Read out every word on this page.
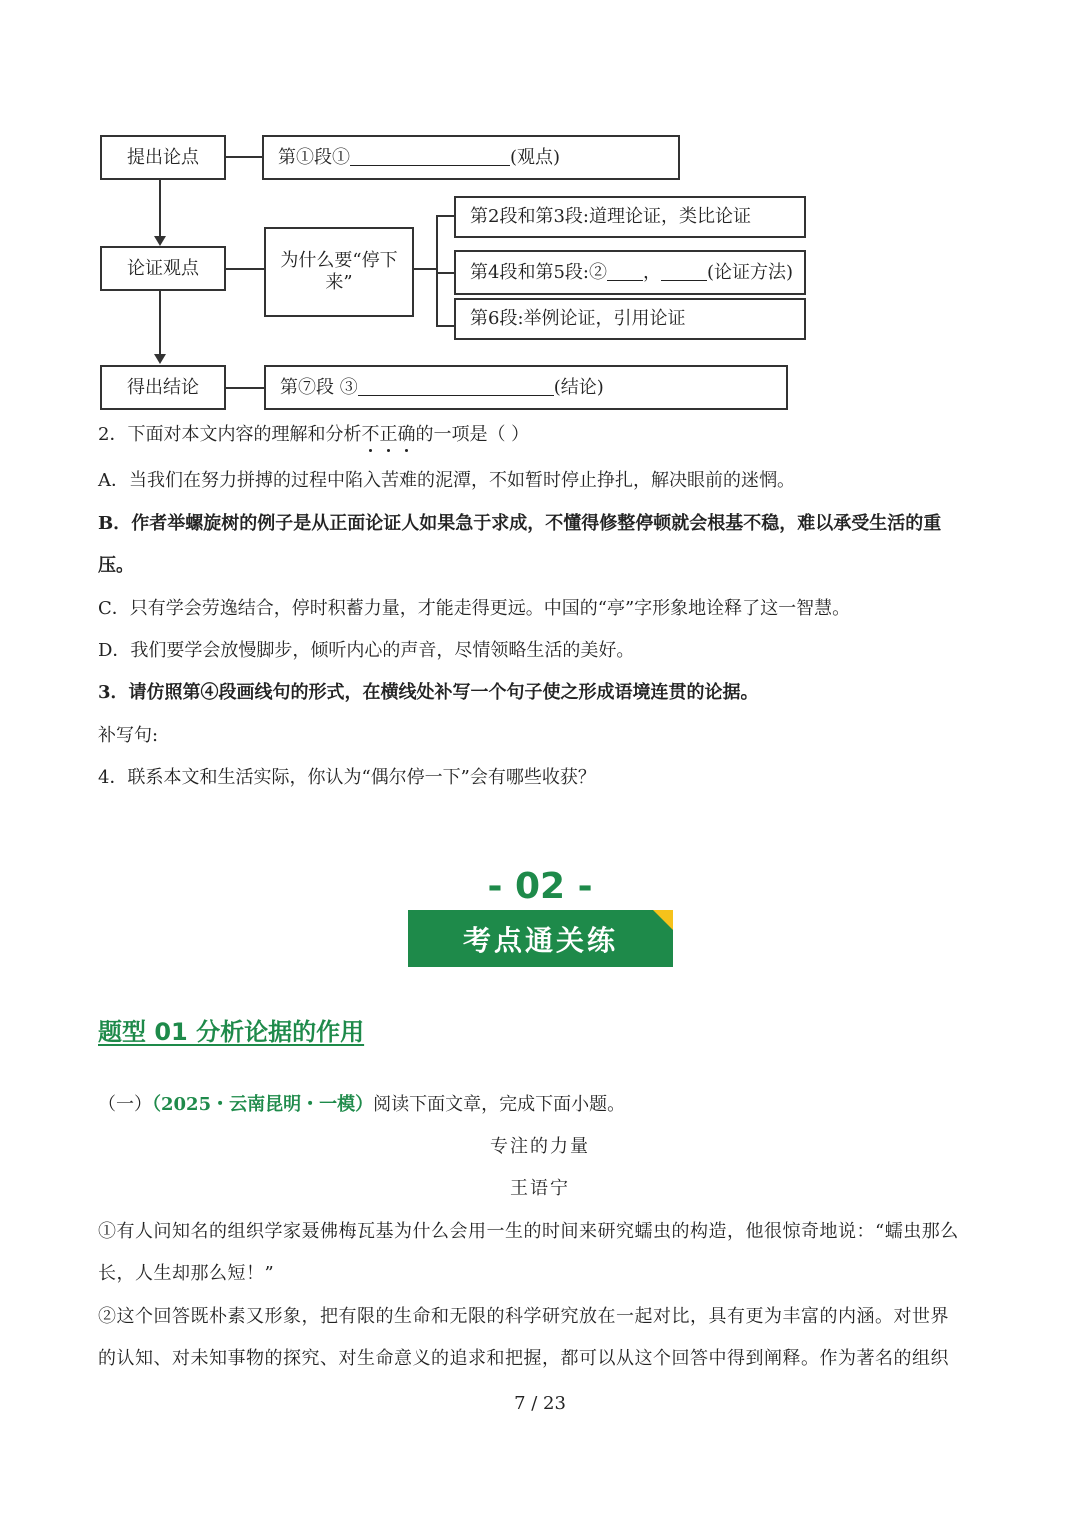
提出论点	第①段①	(观点)
论证观点	为什么要“停下来”
第2段和第3段:道理论证，类比论证
第4段和第5段:② ，	(论证方法)
第6段:举例论证，引用论证
得出结论	第⑦段 ③	(结论)
2．下面对本文内容的理解和分析不正确的一项是（ ）
A．当我们在努力拼搏的过程中陷入苦难的泥潭，不如暂时停止挣扎，解决眼前的迷惘。
B．作者举螺旋树的例子是从正面论证人如果急于求成，不懂得修整停顿就会根基不稳，难以承受生活的重
压。
C．只有学会劳逸结合，停时积蓄力量，才能走得更远。中国的“亭”字形象地诠释了这一智慧。
D．我们要学会放慢脚步，倾听内心的声音，尽情领略生活的美好。
3．请仿照第④段画线句的形式，在横线处补写一个句子使之形成语境连贯的论据。
补写句:
4．联系本文和生活实际，你认为“偶尔停一下”会有哪些收获？
- 02 -
考点通关练
题型 01 分析论据的作用
（一）（2025・云南昆明・一模）阅读下面文章，完成下面小题。
专注的力量
王语宁
①有人问知名的组织学家聂佛梅瓦基为什么会用一生的时间来研究蠕虫的构造，他很惊奇地说：“蠕虫那么
长，人生却那么短！”
②这个回答既朴素又形象，把有限的生命和无限的科学研究放在一起对比，具有更为丰富的内涵。对世界
的认知、对未知事物的探究、对生命意义的追求和把握，都可以从这个回答中得到阐释。作为著名的组织
7 / 23
